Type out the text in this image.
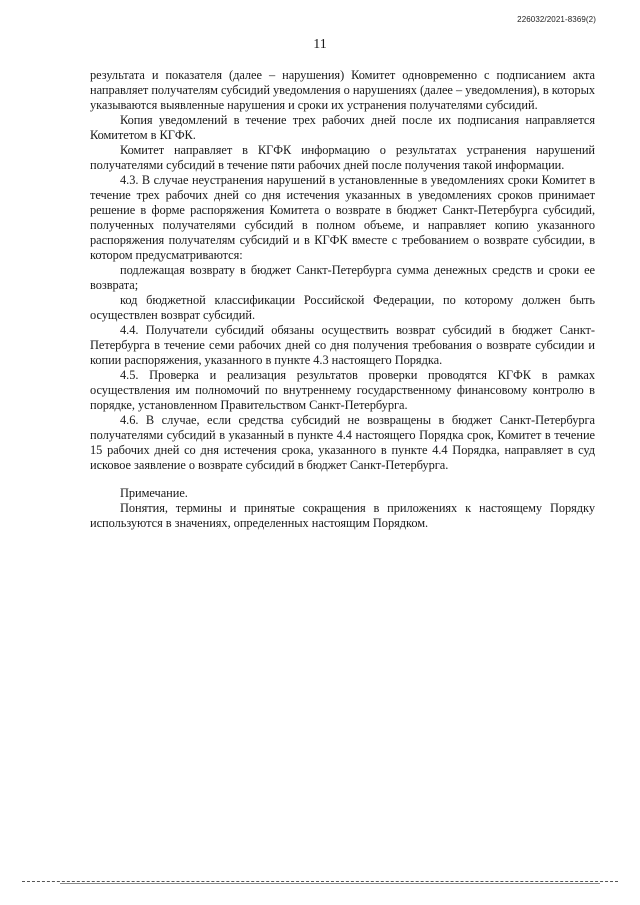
226032/2021-8369(2)
11

результата и показателя (далее – нарушения) Комитет одновременно с подписанием акта направляет получателям субсидий уведомления о нарушениях (далее – уведомления), в которых указываются выявленные нарушения и сроки их устранения получателями субсидий.

Копия уведомлений в течение трех рабочих дней после их подписания направляется Комитетом в КГФК.

Комитет направляет в КГФК информацию о результатах устранения нарушений получателями субсидий в течение пяти рабочих дней после получения такой информации.

4.3. В случае неустранения нарушений в установленные в уведомлениях сроки Комитет в течение трех рабочих дней со дня истечения указанных в уведомлениях сроков принимает решение в форме распоряжения Комитета о возврате в бюджет Санкт-Петербурга субсидий, полученных получателями субсидий в полном объеме, и направляет копию указанного распоряжения получателям субсидий и в КГФК вместе с требованием о возврате субсидии, в котором предусматриваются:

подлежащая возврату в бюджет Санкт-Петербурга сумма денежных средств и сроки ее возврата;

код бюджетной классификации Российской Федерации, по которому должен быть осуществлен возврат субсидий.

4.4. Получатели субсидий обязаны осуществить возврат субсидий в бюджет Санкт-Петербурга в течение семи рабочих дней со дня получения требования о возврате субсидии и копии распоряжения, указанного в пункте 4.3 настоящего Порядка.

4.5. Проверка и реализация результатов проверки проводятся КГФК в рамках осуществления им полномочий по внутреннему государственному финансовому контролю в порядке, установленном Правительством Санкт-Петербурга.

4.6. В случае, если средства субсидий не возвращены в бюджет Санкт-Петербурга получателями субсидий в указанный в пункте 4.4 настоящего Порядка срок, Комитет в течение 15 рабочих дней со дня истечения срока, указанного в пункте 4.4 Порядка, направляет в суд исковое заявление о возврате субсидий в бюджет Санкт-Петербурга.

Примечание.

Понятия, термины и принятые сокращения в приложениях к настоящему Порядку используются в значениях, определенных настоящим Порядком.
